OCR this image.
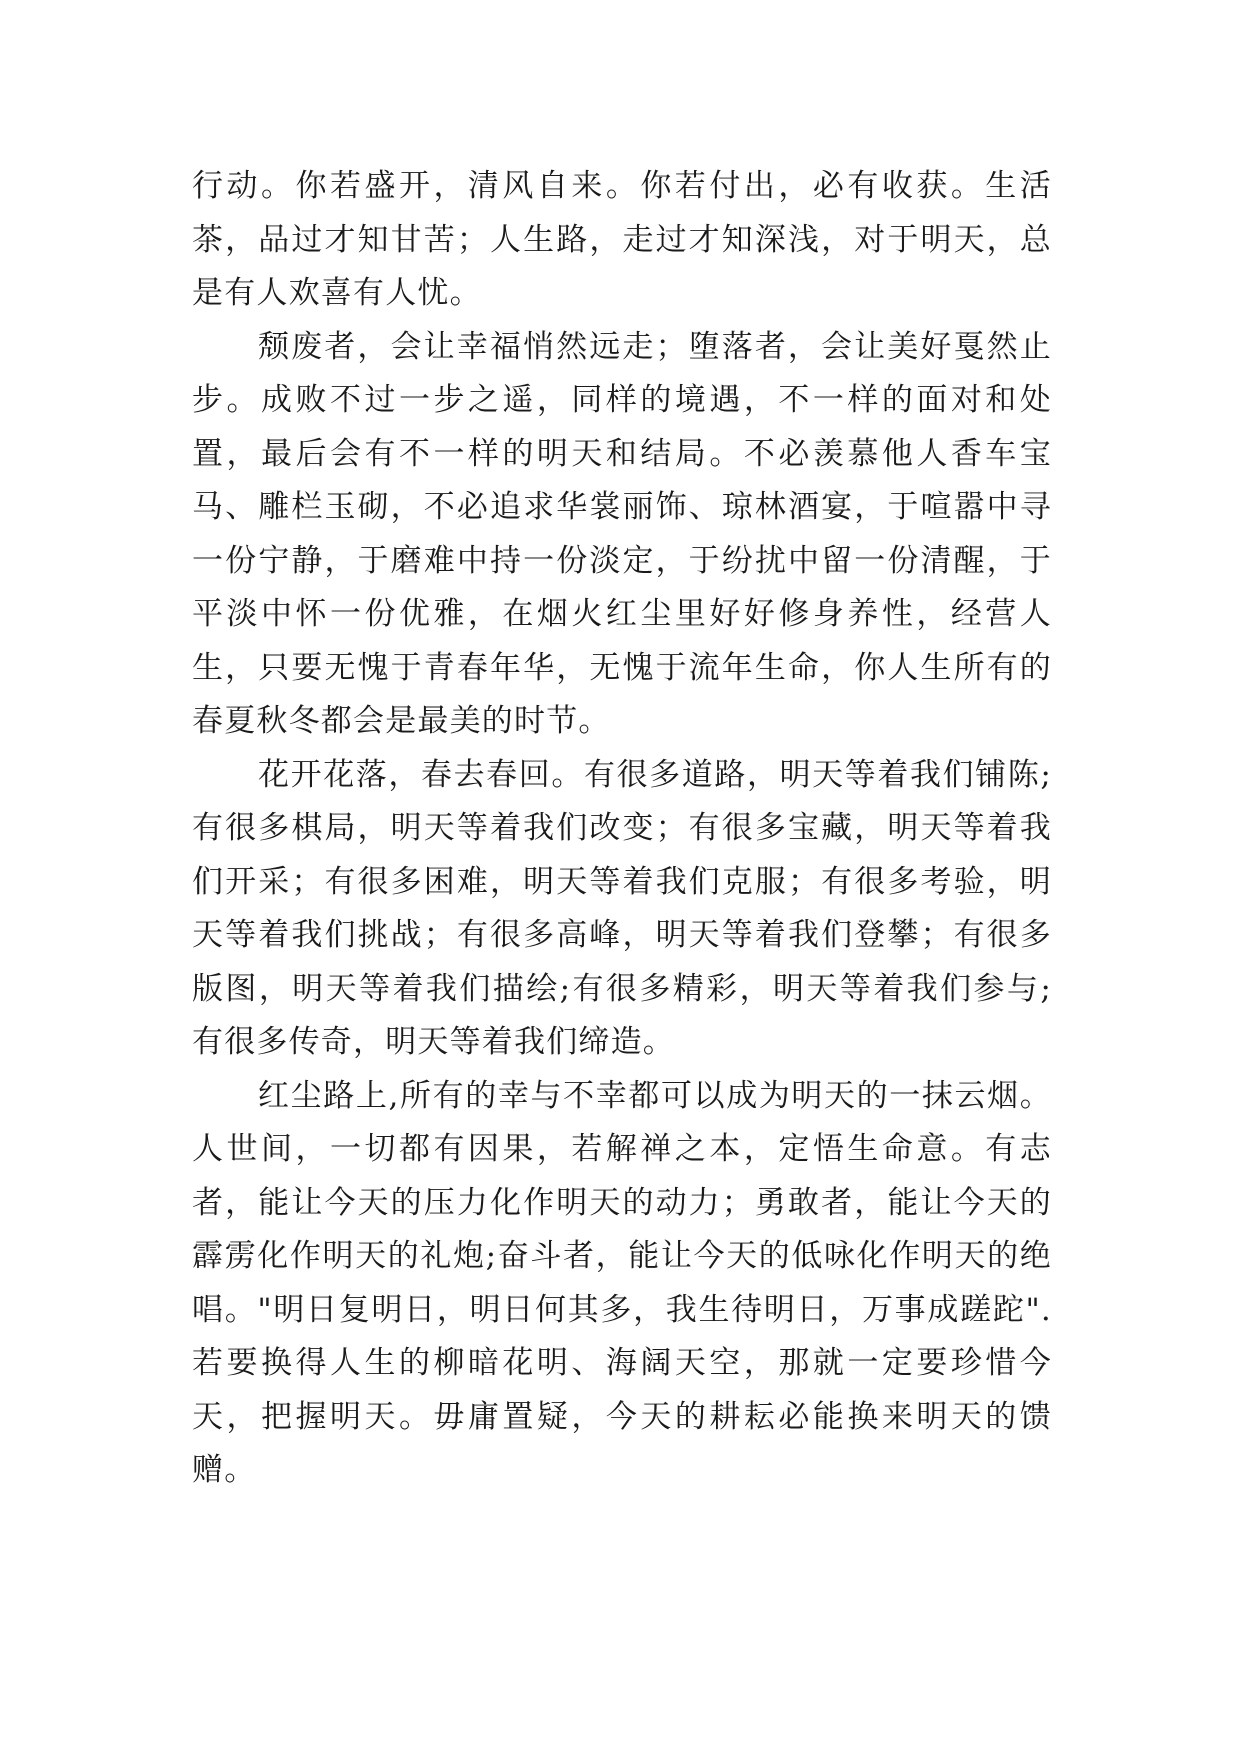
行动。你若盛开，清风自来。你若付出，必有收获。生活茶，品过才知甘苦；人生路，走过才知深浅，对于明天，总是有人欢喜有人忧。

颓废者，会让幸福悄然远走；堕落者，会让美好戛然止步。成败不过一步之遥，同样的境遇，不一样的面对和处置，最后会有不一样的明天和结局。不必羡慕他人香车宝马、雕栏玉砌，不必追求华裳丽饰、琼林酒宴，于喧嚣中寻一份宁静，于磨难中持一份淡定，于纷扰中留一份清醒，于平淡中怀一份优雅，在烟火红尘里好好修身养性，经营人生，只要无愧于青春年华，无愧于流年生命，你人生所有的春夏秋冬都会是最美的时节。

花开花落，春去春回。有很多道路，明天等着我们铺陈;有很多棋局，明天等着我们改变；有很多宝藏，明天等着我们开采；有很多困难，明天等着我们克服；有很多考验，明天等着我们挑战；有很多高峰，明天等着我们登攀；有很多版图，明天等着我们描绘;有很多精彩，明天等着我们参与;有很多传奇，明天等着我们缔造。

红尘路上,所有的幸与不幸都可以成为明天的一抹云烟。人世间，一切都有因果，若解禅之本，定悟生命意。有志者，能让今天的压力化作明天的动力；勇敢者，能让今天的霹雳化作明天的礼炮;奋斗者，能让今天的低咏化作明天的绝唱。"明日复明日，明日何其多，我生待明日，万事成蹉跎".若要换得人生的柳暗花明、海阔天空，那就一定要珍惜今天，把握明天。毋庸置疑，今天的耕耘必能换来明天的馈赠。
